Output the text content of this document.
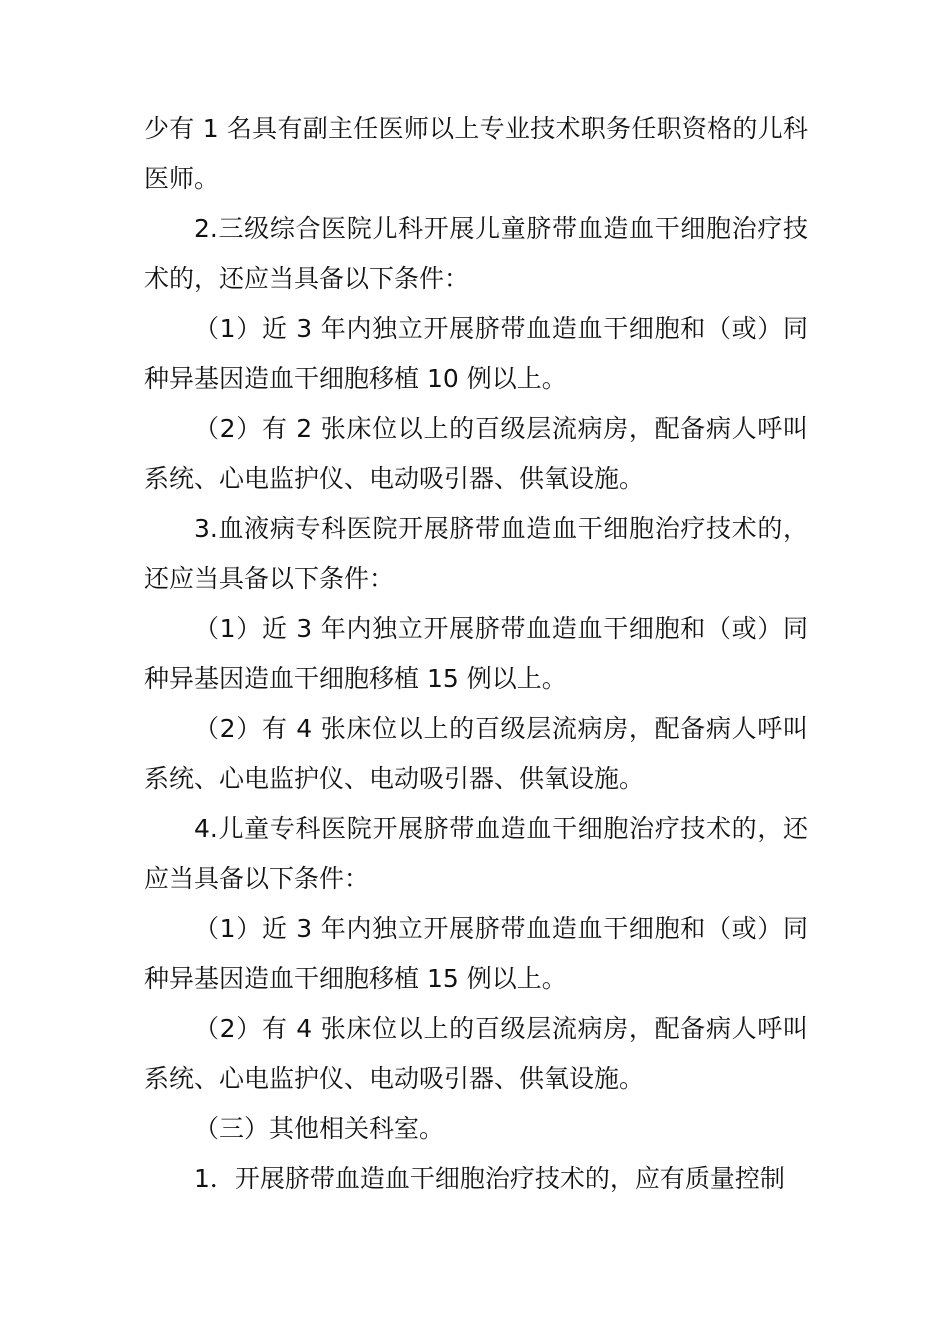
少有 1 名具有副主任医师以上专业技术职务任职资格的儿科医师。

2.三级综合医院儿科开展儿童脐带血造血干细胞治疗技术的，还应当具备以下条件：

（1）近 3 年内独立开展脐带血造血干细胞和（或）同种异基因造血干细胞移植 10 例以上。

（2）有 2 张床位以上的百级层流病房，配备病人呼叫系统、心电监护仪、电动吸引器、供氧设施。

3.血液病专科医院开展脐带血造血干细胞治疗技术的，还应当具备以下条件：

（1）近 3 年内独立开展脐带血造血干细胞和（或）同种异基因造血干细胞移植 15 例以上。

（2）有 4 张床位以上的百级层流病房，配备病人呼叫系统、心电监护仪、电动吸引器、供氧设施。

4.儿童专科医院开展脐带血造血干细胞治疗技术的，还应当具备以下条件：

（1）近 3 年内独立开展脐带血造血干细胞和（或）同种异基因造血干细胞移植 15 例以上。

（2）有 4 张床位以上的百级层流病房，配备病人呼叫系统、心电监护仪、电动吸引器、供氧设施。

（三）其他相关科室。

1．开展脐带血造血干细胞治疗技术的，应有质量控制
